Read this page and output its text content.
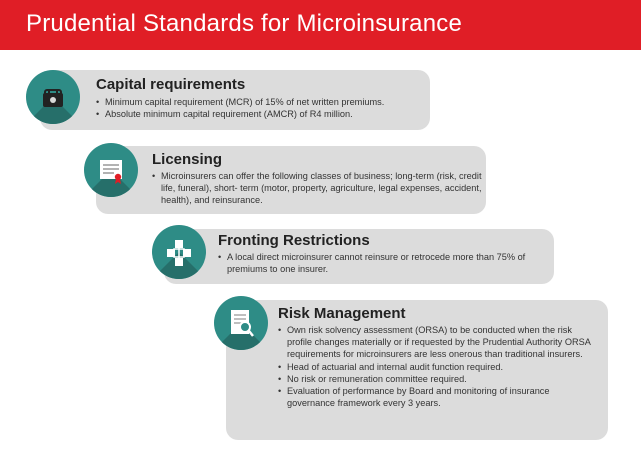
Prudential Standards for Microinsurance
Capital requirements
• Minimum capital requirement (MCR) of 15% of net written premiums.
• Absolute minimum capital requirement (AMCR) of R4 million.
Licensing
• Microinsurers can offer the following classes of business; long-term (risk, credit life, funeral), short- term (motor, property, agriculture, legal expenses, accident, health), and reinsurance.
Fronting Restrictions
• A local direct microinsurer cannot reinsure or retrocede more than 75% of premiums to one insurer.
Risk Management
• Own risk solvency assessment (ORSA) to be conducted when the risk profile changes materially or if requested by the Prudential Authority ORSA requirements for microinsurers are less onerous than traditional insurers.
• Head of actuarial and internal audit function required.
• No risk or remuneration committee required.
• Evaluation of performance by Board and monitoring of insurance governance framework every 3 years.
